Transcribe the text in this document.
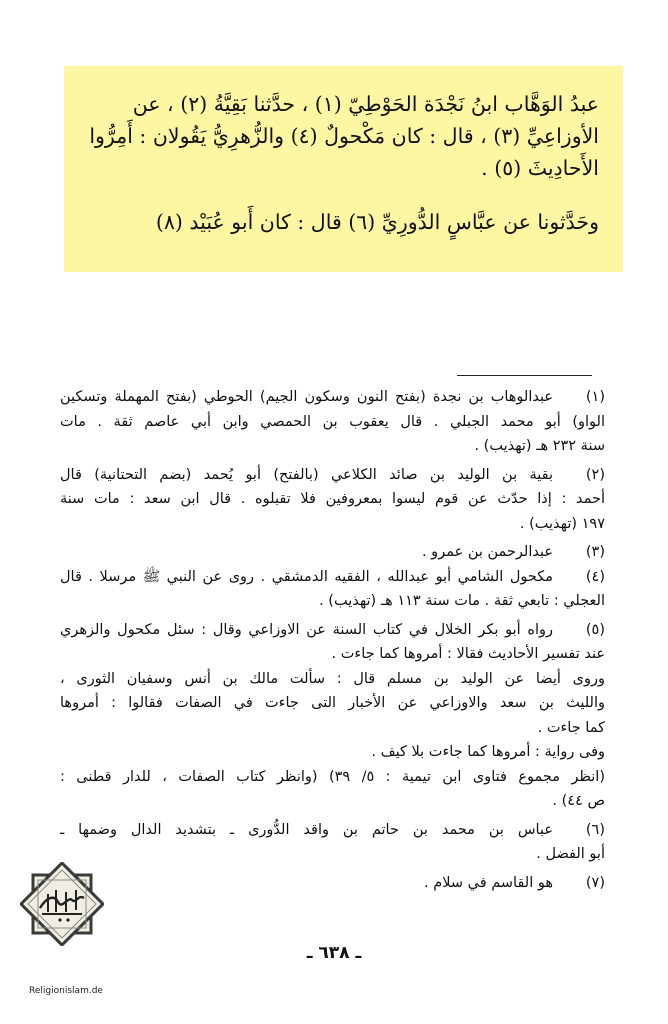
عبدُ الوَهَّاب ابنُ نَجْدَة الحَوْطِيّ (١) ، حدَّثنا بَقِيَّةُ (٢) ، عن

الأوزاعِيِّ (٣) ، قال : كان مَكْحولٌ (٤) والزُّهرِيُّ يَقُولان : أَمِرُّوا

الأَحادِيثَ (٥) .

وحَدَّثونا عن عبَّاسٍ الدُّورِيِّ (٦) قال : كان أَبو عُبَيْد (٨)

(١)

عبدالوهاب بن نجدة (بفتح النون وسكون الجيم) الحوطي (بفتح المهملة وتسكين

الواو) أبو محمد الجبلي . قال يعقوب بن الحمصي وابن أبي عاصم ثقة . مات

سنة ٢٣٢ هـ (تهذيب) .

(٢)

بقية بن الوليد بن صائد الكلاعي (بالفتح) أبو يُحمد (بضم التحتانية) قال

أحمد : إذا حدّث عن قوم ليسوا بمعروفين فلا تقبلوه . قال ابن سعد : مات سنة

١٩٧ (تهذيب) .

(٣)

عبدالرحمن بن عمرو .

(٤)

مكحول الشامي أبو عبدالله ، الفقيه الدمشقي . روى عن النبي ﷺ مرسلا . قال

العجلي : تابعي ثقة . مات سنة ١١٣ هـ (تهذيب) .

(٥)

رواه أبو بكر الخلال في كتاب السنة عن الاوزاعي وقال : سئل مكحول والزهري

عند تفسير الأحاديث فقالا : أمروها كما جاءت .

وروى أيضا عن الوليد بن مسلم قال : سألت مالك بن أنس وسفيان الثورى ،

والليث بن سعد والاوزاعي عن الأخبار التى جاءت في الصفات فقالوا : أمروها

كما جاءت .

وفى رواية : أمروها كما جاءت بلا كيف .

(انظر مجموع فتاوى ابن تيمية : ٥/ ٣٩) (وانظر كتاب الصفات ، للدار قطنى :

ص ٤٤) .

(٦)

عباس بن محمد بن حاتم بن واقد الدُّورى ـ بتشديد الدال وضمها ـ

أبو الفضل .

(٧)

هو القاسم في سلام .

ـ ٦٣٨ ـ
Religionislam.de
